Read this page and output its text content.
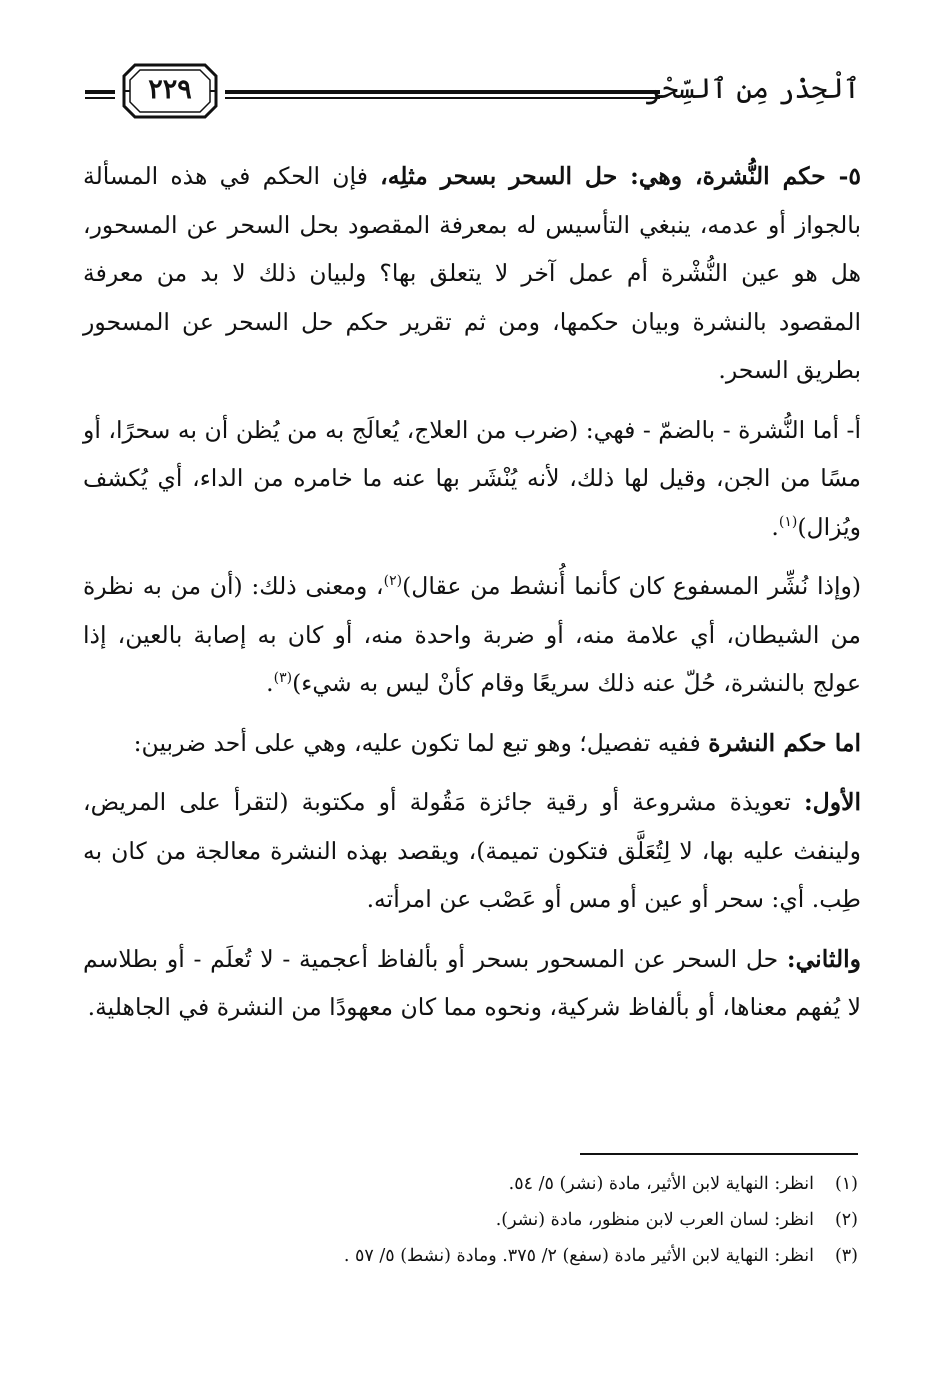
٢٢٩	ٱلْحِذْر مِن ٱلسِّحْر

٥- حكم النُّشرة، وهي: حل السحر بسحر مثلِه، فإن الحكم في هذه المسألة بالجواز أو عدمه، ينبغي التأسيس له بمعرفة المقصود بحل السحر عن المسحور، هل هو عين النُّشْرة أم عمل آخر لا يتعلق بها؟ ولبيان ذلك لا بد من معرفة المقصود بالنشرة وبيان حكمها، ومن ثم تقرير حكم حل السحر عن المسحور بطريق السحر.

أ- أما النُّشرة - بالضمّ - فهي: (ضرب من العلاج، يُعالَج به من يُظن أن به سحرًا، أو مسًا من الجن، وقيل لها ذلك، لأنه يُنْشَر بها عنه ما خامره من الداء، أي يُكشف ويُزال)$^{(١)}$.

(وإذا نُشِّر المسفوع كان كأنما أُنشط من عقال)$^{(٢)}$، ومعنى ذلك: (أن من به نظرة من الشيطان، أي علامة منه، أو ضربة واحدة منه، أو كان به إصابة بالعين، إذا عولج بالنشرة، حُلّ عنه ذلك سريعًا وقام كأنْ ليس به شيء)$^{(٣)}$.

اما حكم النشرة ففيه تفصيل؛ وهو تبع لما تكون عليه، وهي على أحد ضربين:

الأول: تعويذة مشروعة أو رقية جائزة مَقُولة أو مكتوبة (لتقرأ على المريض، ولينفث عليه بها، لا لِتُعَلَّق فتكون تميمة)، ويقصد بهذه النشرة معالجة من كان به طِب. أي: سحر أو عين أو مس أو عَصْب عن امرأته.

والثاني: حل السحر عن المسحور بسحر أو بألفاظ أعجمية - لا تُعلَم - أو بطلاسم لا يُفهم معناها، أو بألفاظ شركية، ونحوه مما كان معهودًا من النشرة في الجاهلية.

(١)
انظر: النهاية لابن الأثير، مادة (نشر) ٥/ ٥٤.
(٢)
انظر: لسان العرب لابن منظور، مادة (نشر).
(٣)
انظر: النهاية لابن الأثير مادة (سفع) ٢/ ٣٧٥. ومادة (نشط) ٥/ ٥٧ .
